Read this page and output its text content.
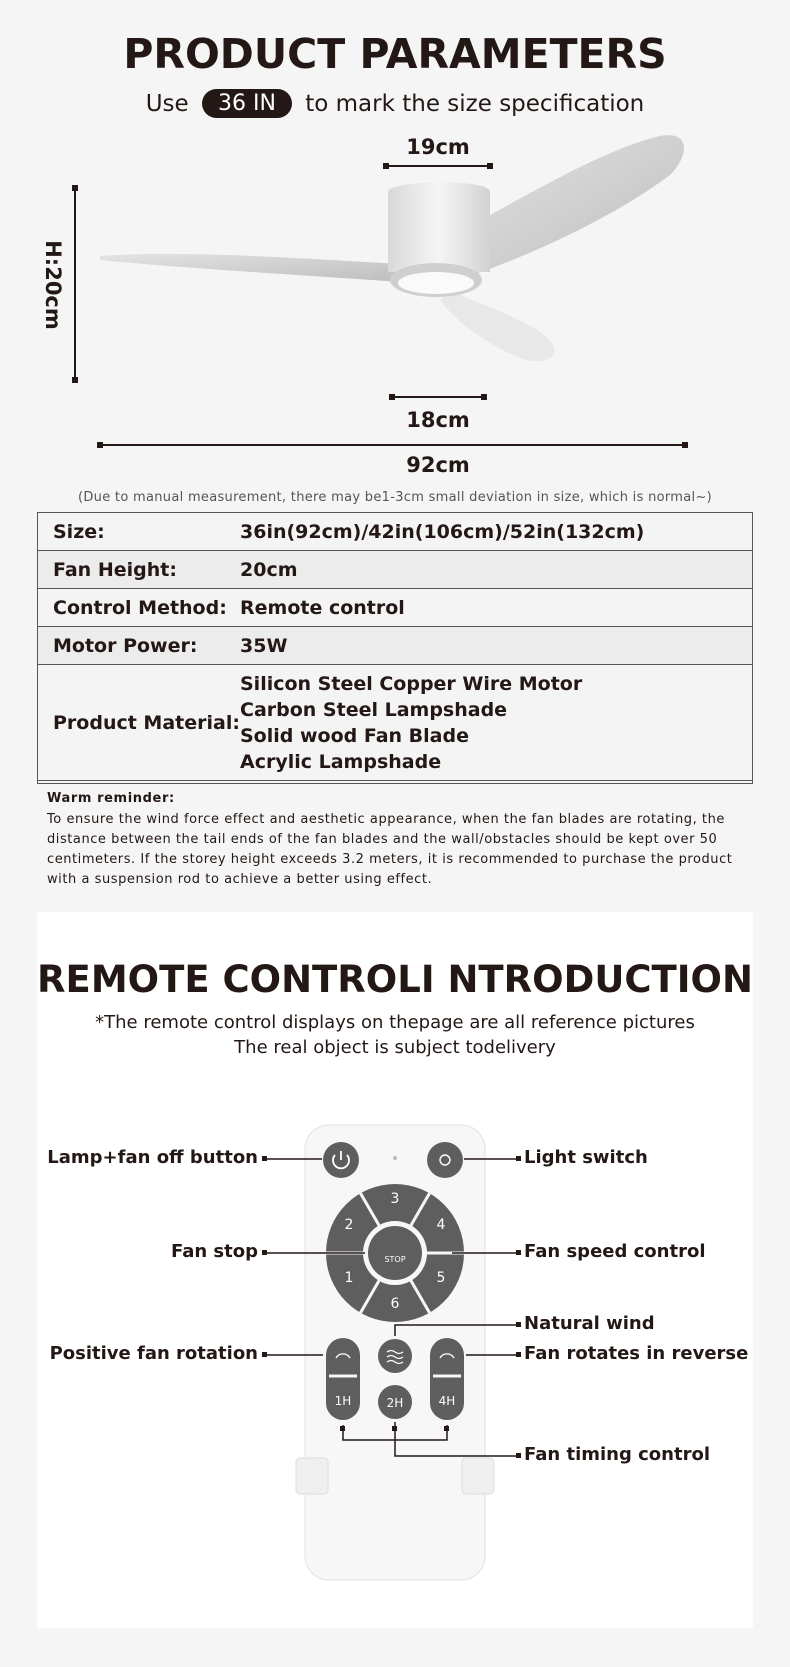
PRODUCT PARAMETERS
Use 36 IN to mark the size specification
19cm
H:20cm
18cm
92cm
(Due to manual measurement, there may be1-3cm small deviation in size, which is normal~)
Size:	36in(92cm)/42in(106cm)/52in(132cm)
Fan Height:	20cm
Control Method:	Remote control
Motor Power:	35W
Product Material:	Silicon Steel Copper Wire Motor
Carbon Steel Lampshade
Solid wood Fan Blade
Acrylic Lampshade
Warm reminder:
To ensure the wind force effect and aesthetic appearance, when the fan blades are rotating, the distance between the tail ends of the fan blades and the wall/obstacles should be kept over 50 centimeters. If the storey height exceeds 3.2 meters, it is recommended to purchase the product with a suspension rod to achieve a better using effect.
REMOTE CONTROLI NTRODUCTION
*The remote control displays on thepage are all reference pictures
The real object is subject todelivery
3
4
5
6
1
2
STOP
1H	2H	4H
Lamp+fan off button	Light switch
Fan stop	Fan speed control
Natural wind
Positive fan rotation	Fan rotates in reverse
Fan timing control
